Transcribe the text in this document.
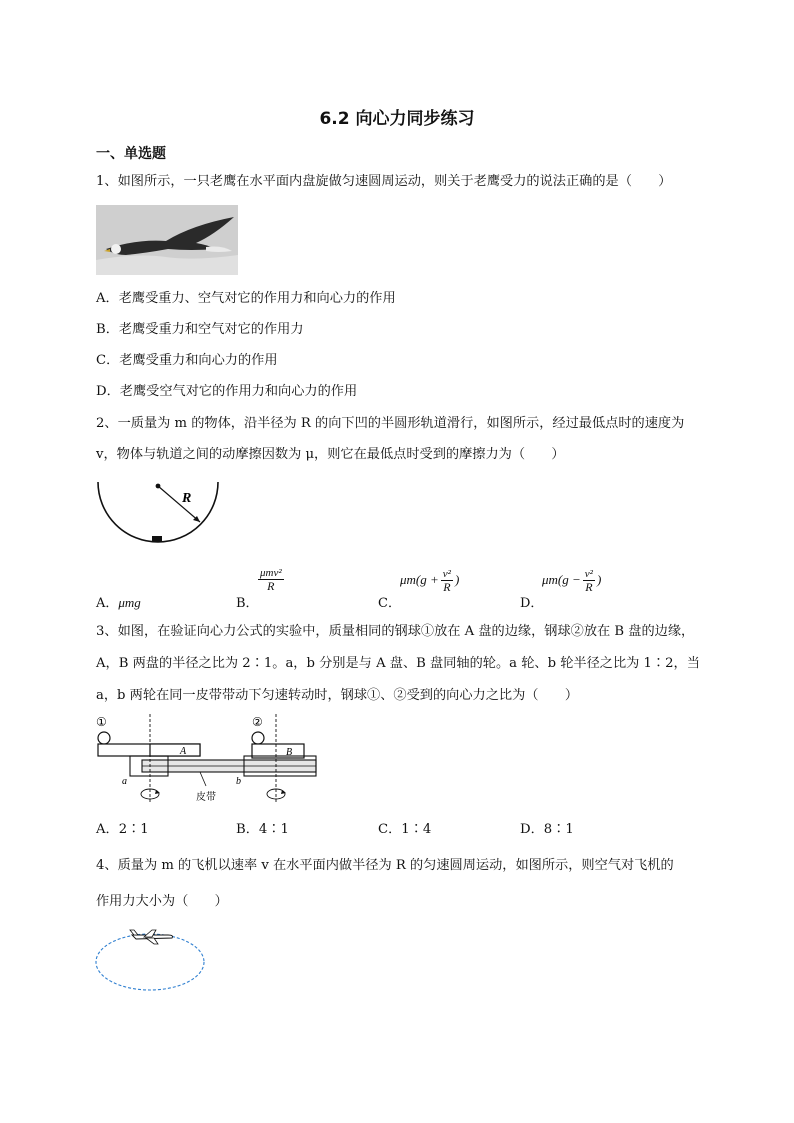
6.2 向心力同步练习
一、单选题
1、如图所示，一只老鹰在水平面内盘旋做匀速圆周运动，则关于老鹰受力的说法正确的是（　　）
A．老鹰受重力、空气对它的作用力和向心力的作用
B．老鹰受重力和空气对它的作用力
C．老鹰受重力和向心力的作用
D．老鹰受空气对它的作用力和向心力的作用
2、一质量为 m 的物体，沿半径为 R 的向下凹的半圆形轨道滑行，如图所示，经过最低点时的速度为
v，物体与轨道之间的动摩擦因数为 μ，则它在最低点时受到的摩擦力为（　　）
R
A．μmg	B．
$\frac{\text{μmv²}}{R}$
C．
$\mu m(g + \frac{\text{v²}}{R}$ )
D．
$\mu m(g - \frac{\text{v²}}{R}$ )
3、如图，在验证向心力公式的实验中，质量相同的钢球①放在 A 盘的边缘，钢球②放在 B 盘的边缘，
A，B 两盘的半径之比为 2∶1。a，b 分别是与 A 盘、B 盘同轴的轮。a 轮、b 轮半径之比为 1∶2，当
a，b 两轮在同一皮带带动下匀速转动时，钢球①、②受到的向心力之比为（　　）
①	②
A	B
a	b
皮带
A．2∶1	B．4∶1	C．1∶4	D．8∶1
4、质量为 m 的飞机以速率 v 在水平面内做半径为 R 的匀速圆周运动，如图所示，则空气对飞机的
作用力大小为（　　）
